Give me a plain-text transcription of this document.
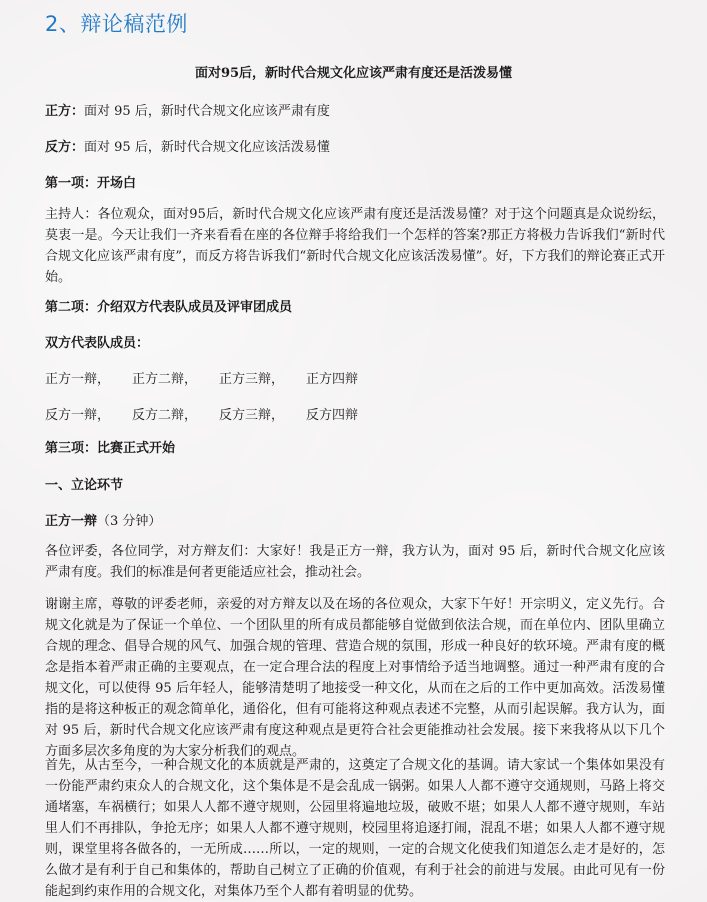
2、辩论稿范例
面对95后，新时代合规文化应该严肃有度还是活泼易懂
正方：面对 95 后，新时代合规文化应该严肃有度
反方：面对 95 后，新时代合规文化应该活泼易懂
第一项：开场白
主持人：各位观众，面对95后，新时代合规文化应该严肃有度还是活泼易懂？对于这个问题真是众说纷纭，莫衷一是。今天让我们一齐来看看在座的各位辩手将给我们一个怎样的答案?那正方将极力告诉我们“新时代合规文化应该严肃有度”，而反方将告诉我们“新时代合规文化应该活泼易懂”。好，下方我们的辩论赛正式开始。
第二项：介绍双方代表队成员及评审团成员
双方代表队成员：
正方一辩， 正方二辩， 正方三辩， 正方四辩
反方一辩， 反方二辩， 反方三辩， 反方四辩
第三项：比赛正式开始
一、立论环节
正方一辩（3 分钟）
各位评委，各位同学，对方辩友们：大家好！我是正方一辩，我方认为，面对 95 后，新时代合规文化应该严肃有度。我们的标准是何者更能适应社会，推动社会。
谢谢主席，尊敬的评委老师，亲爱的对方辩友以及在场的各位观众，大家下午好！开宗明义，定义先行。合规文化就是为了保证一个单位、一个团队里的所有成员都能够自觉做到依法合规，而在单位内、团队里确立合规的理念、倡导合规的风气、加强合规的管理、营造合规的氛围，形成一种良好的软环境。严肃有度的概念是指本着严肃正确的主要观点，在一定合理合法的程度上对事情给予适当地调整。通过一种严肃有度的合规文化，可以使得 95 后年轻人，能够清楚明了地接受一种文化，从而在之后的工作中更加高效。活泼易懂指的是将这种板正的观念简单化，通俗化，但有可能将这种观点表述不完整，从而引起误解。我方认为，面对 95 后，新时代合规文化应该严肃有度这种观点是更符合社会更能推动社会发展。接下来我将从以下几个方面多层次多角度的为大家分析我们的观点。
首先，从古至今，一种合规文化的本质就是严肃的，这奠定了合规文化的基调。请大家试一个集体如果没有一份能严肃约束众人的合规文化，这个集体是不是会乱成一锅粥。如果人人都不遵守交通规则，马路上将交通堵塞，车祸横行；如果人人都不遵守规则，公园里将遍地垃圾，破败不堪；如果人人都不遵守规则，车站里人们不再排队，争抢无序；如果人人都不遵守规则，校园里将追逐打闹，混乱不堪；如果人人都不遵守规则，课堂里将各做各的，一无所成……所以，一定的规则，一定的合规文化使我们知道怎么走才是好的，怎么做才是有利于自己和集体的，帮助自己树立了正确的价值观，有利于社会的前进与发展。由此可见有一份能起到约束作用的合规文化，对集体乃至个人都有着明显的优势。
